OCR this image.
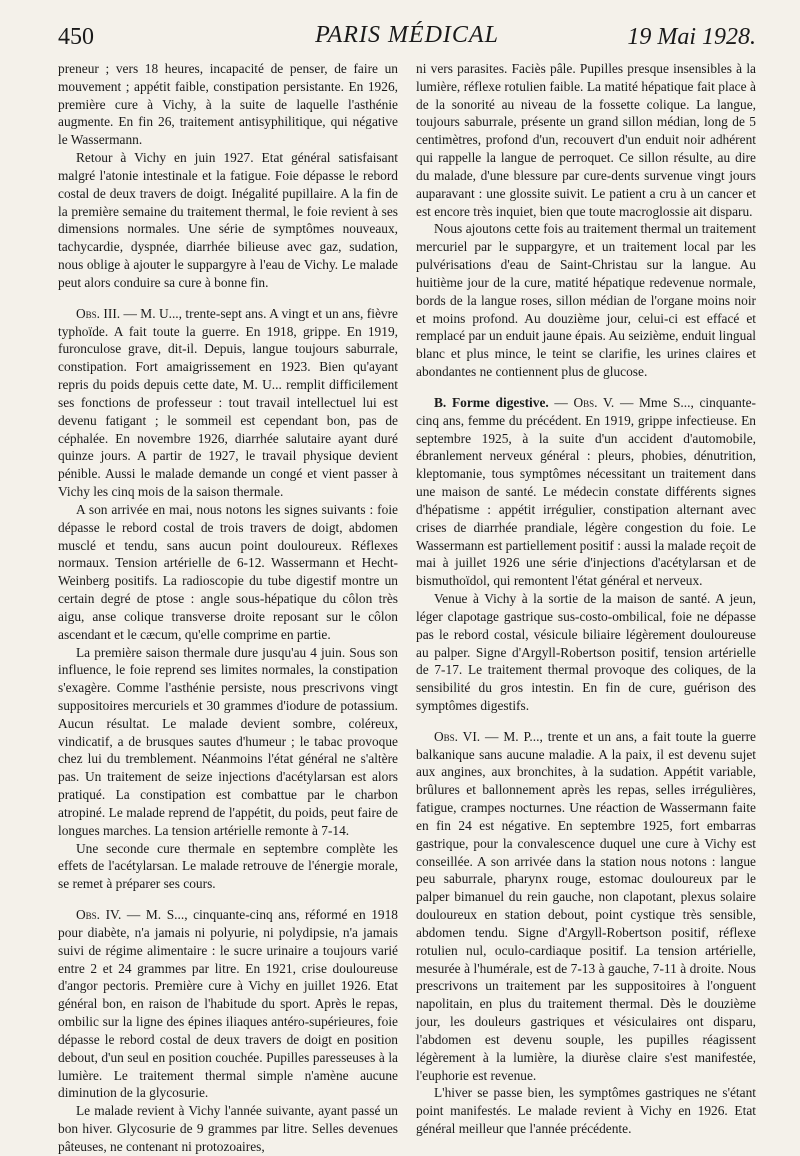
450	PARIS MÉDICAL	19 Mai 1928.

preneur ; vers 18 heures, incapacité de penser, de faire un mouvement ; appétit faible, constipation persistante. En 1926, première cure à Vichy, à la suite de laquelle l'asthénie augmente. En fin 26, traitement antisyphilitique, qui négative le Wassermann.

Retour à Vichy en juin 1927. Etat général satisfaisant malgré l'atonie intestinale et la fatigue. Foie dépasse le rebord costal de deux travers de doigt. Inégalité pupillaire. A la fin de la première semaine du traitement thermal, le foie revient à ses dimensions normales. Une série de symptômes nouveaux, tachycardie, dyspnée, diarrhée bilieuse avec gaz, sudation, nous oblige à ajouter le suppargyre à l'eau de Vichy. Le malade peut alors conduire sa cure à bonne fin.

Obs. III. — M. U..., trente-sept ans. A vingt et un ans, fièvre typhoïde. A fait toute la guerre. En 1918, grippe. En 1919, furonculose grave, dit-il. Depuis, langue toujours saburrale, constipation. Fort amaigrissement en 1923. Bien qu'ayant repris du poids depuis cette date, M. U... remplit difficilement ses fonctions de professeur : tout travail intellectuel lui est devenu fatigant ; le sommeil est cependant bon, pas de céphalée. En novembre 1926, diarrhée salutaire ayant duré quinze jours. A partir de 1927, le travail physique devient pénible. Aussi le malade demande un congé et vient passer à Vichy les cinq mois de la saison thermale.

A son arrivée en mai, nous notons les signes suivants : foie dépasse le rebord costal de trois travers de doigt, abdomen musclé et tendu, sans aucun point douloureux. Réflexes normaux. Tension artérielle de 6-12. Wassermann et Hecht-Weinberg positifs. La radioscopie du tube digestif montre un certain degré de ptose : angle sous-hépatique du côlon très aigu, anse colique transverse droite reposant sur le côlon ascendant et le cæcum, qu'elle comprime en partie.

La première saison thermale dure jusqu'au 4 juin. Sous son influence, le foie reprend ses limites normales, la constipation s'exagère. Comme l'asthénie persiste, nous prescrivons vingt suppositoires mercuriels et 30 grammes d'iodure de potassium. Aucun résultat. Le malade devient sombre, coléreux, vindicatif, a de brusques sautes d'humeur ; le tabac provoque chez lui du tremblement. Néanmoins l'état général ne s'altère pas. Un traitement de seize injections d'acétylarsan est alors pratiqué. La constipation est combattue par le charbon atropiné. Le malade reprend de l'appétit, du poids, peut faire de longues marches. La tension artérielle remonte à 7-14.

Une seconde cure thermale en septembre complète les effets de l'acétylarsan. Le malade retrouve de l'énergie morale, se remet à préparer ses cours.

Obs. IV. — M. S..., cinquante-cinq ans, réformé en 1918 pour diabète, n'a jamais ni polyurie, ni polydipsie, n'a jamais suivi de régime alimentaire : le sucre urinaire a toujours varié entre 2 et 24 grammes par litre. En 1921, crise douloureuse d'angor pectoris. Première cure à Vichy en juillet 1926. Etat général bon, en raison de l'habitude du sport. Après le repas, ombilic sur la ligne des épines iliaques antéro-supérieures, foie dépasse le rebord costal de deux travers de doigt en position debout, d'un seul en position couchée. Pupilles paresseuses à la lumière. Le traitement thermal simple n'amène aucune diminution de la glycosurie.

Le malade revient à Vichy l'année suivante, ayant passé un bon hiver. Glycosurie de 9 grammes par litre. Selles devenues pâteuses, ne contenant ni protozoaires,

ni vers parasites. Faciès pâle. Pupilles presque insensibles à la lumière, réflexe rotulien faible. La matité hépatique fait place à de la sonorité au niveau de la fossette colique. La langue, toujours saburrale, présente un grand sillon médian, long de 5 centimètres, profond d'un, recouvert d'un enduit noir adhérent qui rappelle la langue de perroquet. Ce sillon résulte, au dire du malade, d'une blessure par cure-dents survenue vingt jours auparavant : une glossite suivit. Le patient a cru à un cancer et est encore très inquiet, bien que toute macroglossie ait disparu.

Nous ajoutons cette fois au traitement thermal un traitement mercuriel par le suppargyre, et un traitement local par les pulvérisations d'eau de Saint-Christau sur la langue. Au huitième jour de la cure, matité hépatique redevenue normale, bords de la langue roses, sillon médian de l'organe moins noir et moins profond. Au douzième jour, celui-ci est effacé et remplacé par un enduit jaune épais. Au seizième, enduit lingual blanc et plus mince, le teint se clarifie, les urines claires et abondantes ne contiennent plus de glucose.

B. Forme digestive. — Obs. V. — Mme S..., cinquante-cinq ans, femme du précédent. En 1919, grippe infectieuse. En septembre 1925, à la suite d'un accident d'automobile, ébranlement nerveux général : pleurs, phobies, dénutrition, kleptomanie, tous symptômes nécessitant un traitement dans une maison de santé. Le médecin constate différents signes d'hépatisme : appétit irrégulier, constipation alternant avec crises de diarrhée prandiale, légère congestion du foie. Le Wassermann est partiellement positif : aussi la malade reçoit de mai à juillet 1926 une série d'injections d'acétylarsan et de bismuthoïdol, qui remontent l'état général et nerveux.

Venue à Vichy à la sortie de la maison de santé. A jeun, léger clapotage gastrique sus-costo-ombilical, foie ne dépasse pas le rebord costal, vésicule biliaire légèrement douloureuse au palper. Signe d'Argyll-Robertson positif, tension artérielle de 7-17. Le traitement thermal provoque des coliques, de la sensibilité du gros intestin. En fin de cure, guérison des symptômes digestifs.

Obs. VI. — M. P..., trente et un ans, a fait toute la guerre balkanique sans aucune maladie. A la paix, il est devenu sujet aux angines, aux bronchites, à la sudation. Appétit variable, brûlures et ballonnement après les repas, selles irrégulières, fatigue, crampes nocturnes. Une réaction de Wassermann faite en fin 24 est négative. En septembre 1925, fort embarras gastrique, pour la convalescence duquel une cure à Vichy est conseillée. A son arrivée dans la station nous notons : langue peu saburrale, pharynx rouge, estomac douloureux par le palper bimanuel du rein gauche, non clapotant, plexus solaire douloureux en station debout, point cystique très sensible, abdomen tendu. Signe d'Argyll-Robertson positif, réflexe rotulien nul, oculo-cardiaque positif. La tension artérielle, mesurée à l'humérale, est de 7-13 à gauche, 7-11 à droite. Nous prescrivons un traitement par les suppositoires à l'onguent napolitain, en plus du traitement thermal. Dès le douzième jour, les douleurs gastriques et vésiculaires ont disparu, l'abdomen est devenu souple, les pupilles réagissent légèrement à la lumière, la diurèse claire s'est manifestée, l'euphorie est revenue.

L'hiver se passe bien, les symptômes gastriques ne s'étant point manifestés. Le malade revient à Vichy en 1926. Etat général meilleur que l'année précédente.
